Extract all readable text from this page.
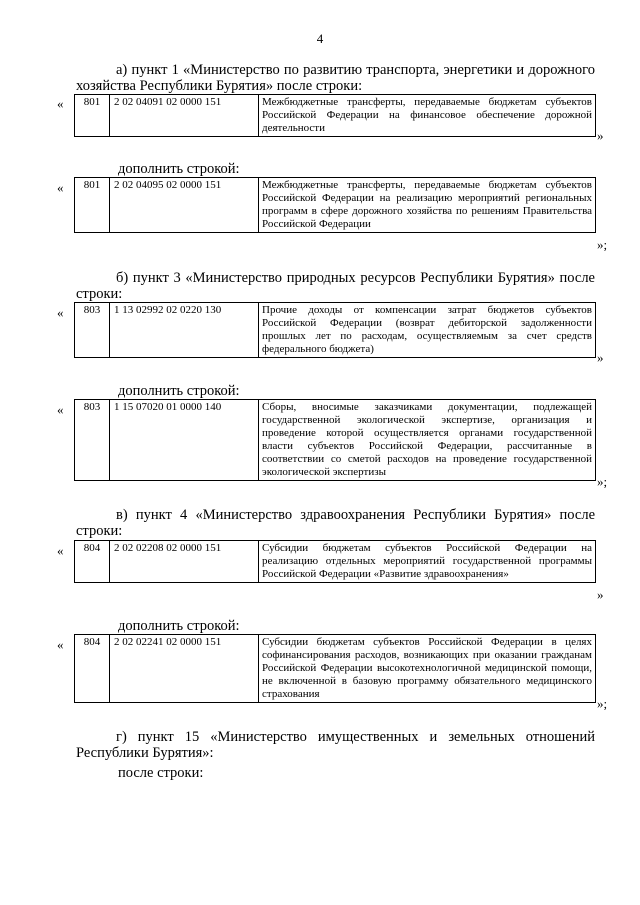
4
а) пункт 1 «Министерство по развитию транспорта, энергетики и дорожного хозяйства Республики Бурятия» после строки:
« 801	2 02 04091 02 0000 151	Межбюджетные трансферты, передаваемые бюджетам субъектов Российской Федерации на финансовое обеспечение дорожной деятельности	»
дополнить строкой:
« 801	2 02 04095 02 0000 151	Межбюджетные трансферты, передаваемые бюджетам субъектов Российской Федерации на реализацию мероприятий региональных программ в сфере дорожного хозяйства по решениям Правительства Российской Федерации
»;
б) пункт 3 «Министерство природных ресурсов Республики Бурятия» после строки:
« 803	1 13 02992 02 0220 130	Прочие доходы от компенсации затрат бюджетов субъектов Российской Федерации (возврат дебиторской задолженности прошлых лет по расходам, осуществляемым за счет средств федерального бюджета)
»
дополнить строкой:
« 803	1 15 07020 01 0000 140	Сборы, вносимые заказчиками документации, подлежащей государственной экологической экспертизе, организация и проведение которой осуществляется органами государственной власти субъектов Российской Федерации, рассчитанные в соответствии со сметой расходов на проведение государственной экологической экспертизы
»;
в) пункт 4 «Министерство здравоохранения Республики Бурятия» после строки:
« 804	2 02 02208 02 0000 151	Субсидии бюджетам субъектов Российской Федерации на реализацию отдельных мероприятий государственной программы Российской Федерации «Развитие здравоохранения»
»
дополнить строкой:
« 804	2 02 02241 02 0000 151	Субсидии бюджетам субъектов Российской Федерации в целях софинансирования расходов, возникающих при оказании гражданам Российской Федерации высокотехнологичной медицинской помощи, не включенной в базовую программу обязательного медицинского страхования
»;
г) пункт 15 «Министерство имущественных и земельных отношений Республики Бурятия»:
после строки:
